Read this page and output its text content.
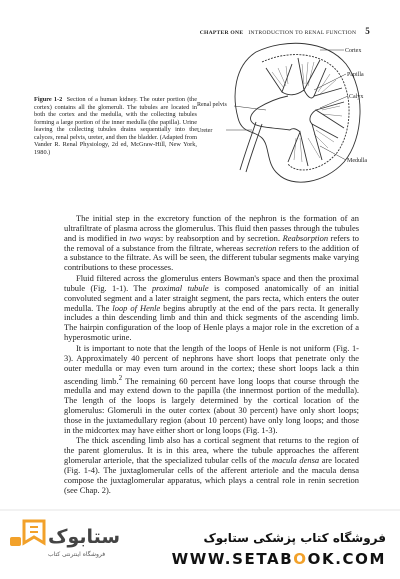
CHAPTER ONE INTRODUCTION TO RENAL FUNCTION 5
Cortex
Papilla
Calyx
Renal pelvis
Ureter
Medulla
Figure 1-2 Section of a human kidney. The outer portion (the cortex) contains all the glomeruli. The tubules are located in both the cortex and the medulla, with the collecting tubules forming a large portion of the inner medulla (the papilla). Urine leaving the collecting tubules drains sequentially into the calyces, renal pelvis, ureter, and then the bladder. (Adapted from Vander R. Renal Physiology, 2d ed, McGraw-Hill, New York, 1980.)

The initial step in the excretory function of the nephron is the formation of an ultrafiltrate of plasma across the glomerulus. This fluid then passes through the tubules and is modified in two ways: by reabsorption and by secretion. Reabsorption refers to the removal of a substance from the filtrate, whereas secretion refers to the addition of a substance to the filtrate. As will be seen, the different tubular segments make varying contributions to these processes.

Fluid filtered across the glomerulus enters Bowman's space and then the proximal tubule (Fig. 1-1). The proximal tubule is composed anatomically of an initial convoluted segment and a later straight segment, the pars recta, which enters the outer medulla. The loop of Henle begins abruptly at the end of the pars recta. It generally includes a thin descending limb and thin and thick segments of the ascending limb. The hairpin configuration of the loop of Henle plays a major role in the excretion of a hyperosmotic urine.

It is important to note that the length of the loops of Henle is not uniform (Fig. 1-3). Approximately 40 percent of nephrons have short loops that penetrate only the outer medulla or may even turn around in the cortex; these short loops lack a thin ascending limb.$^2$ The remaining 60 percent have long loops that course through the medulla and may extend down to the papilla (the innermost portion of the medulla). The length of the loops is largely determined by the cortical location of the glomerulus: Glomeruli in the outer cortex (about 30 percent) have only short loops; those in the juxtamedullary region (about 10 percent) have only long loops; and those in the midcortex may have either short or long loops (Fig. 1-3).

The thick ascending limb also has a cortical segment that returns to the region of the parent glomerulus. It is in this area, where the tubule approaches the afferent glomerular arteriole, that the specialized tubular cells of the macula densa are located (Fig. 1-4). The juxtaglomerular cells of the afferent arteriole and the macula densa compose the juxtaglomerular apparatus, which plays a central role in renin secretion (see Chap. 2).

ستابوک
فروشگاه اینترنتی کتاب
فروشگاه کتاب پزشکی ستابوک
WWW.SETABOOK.COM
